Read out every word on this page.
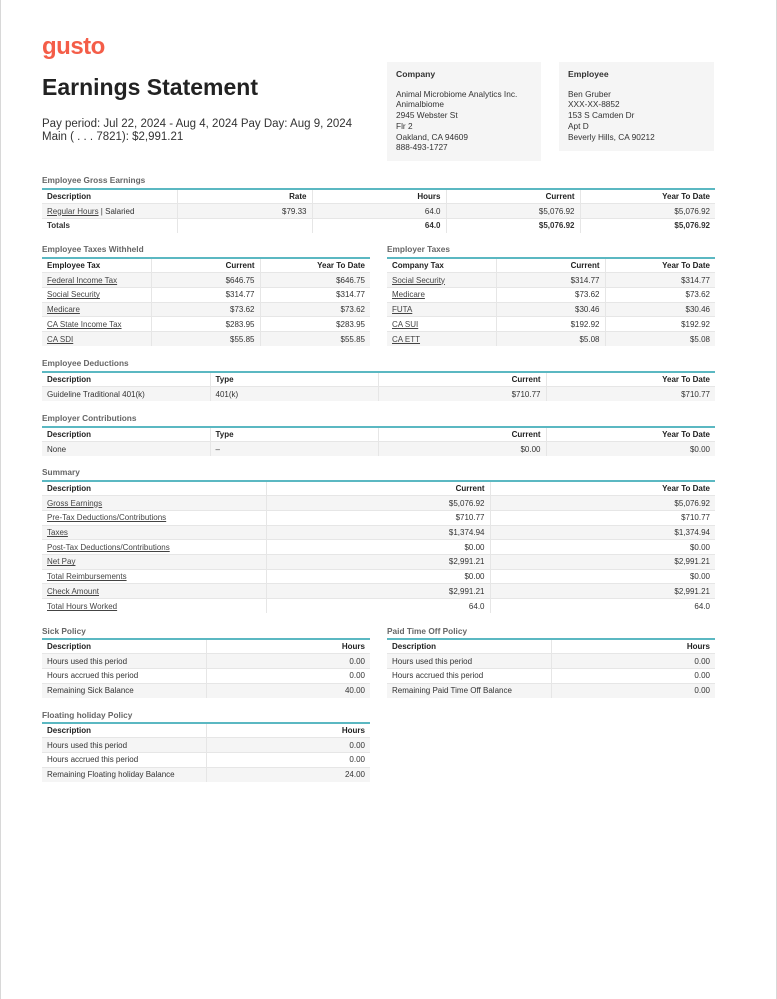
gusto
Earnings Statement
Pay period: Jul 22, 2024 - Aug 4, 2024 Pay Day: Aug 9, 2024
Main ( . . . 7821): $2,991.21
Company
Animal Microbiome Analytics Inc.
Animalbiome
2945 Webster St
Flr 2
Oakland, CA 94609
888-493-1727
Employee
Ben Gruber
XXX-XX-8852
153 S Camden Dr
Apt D
Beverly Hills, CA 90212
Employee Gross Earnings
Description	Rate	Hours	Current	Year To Date
Regular Hours | Salaried	$79.33	64.0	$5,076.92	$5,076.92
Totals		64.0	$5,076.92	$5,076.92
Employee Taxes Withheld
Employee Tax	Current	Year To Date
Federal Income Tax	$646.75	$646.75
Social Security	$314.77	$314.77
Medicare	$73.62	$73.62
CA State Income Tax	$283.95	$283.95
CA SDI	$55.85	$55.85
Employer Taxes
Company Tax	Current	Year To Date
Social Security	$314.77	$314.77
Medicare	$73.62	$73.62
FUTA	$30.46	$30.46
CA SUI	$192.92	$192.92
CA ETT	$5.08	$5.08
Employee Deductions
Description	Type	Current	Year To Date
Guideline Traditional 401(k)	401(k)	$710.77	$710.77
Employer Contributions
Description	Type	Current	Year To Date
None	–	$0.00	$0.00
Summary
Description	Current	Year To Date
Gross Earnings	$5,076.92	$5,076.92
Pre-Tax Deductions/Contributions	$710.77	$710.77
Taxes	$1,374.94	$1,374.94
Post-Tax Deductions/Contributions	$0.00	$0.00
Net Pay	$2,991.21	$2,991.21
Total Reimbursements	$0.00	$0.00
Check Amount	$2,991.21	$2,991.21
Total Hours Worked	64.0	64.0
Sick Policy
Description	Hours
Hours used this period	0.00
Hours accrued this period	0.00
Remaining Sick Balance	40.00
Paid Time Off Policy
Description	Hours
Hours used this period	0.00
Hours accrued this period	0.00
Remaining Paid Time Off Balance	0.00
Floating holiday Policy
Description	Hours
Hours used this period	0.00
Hours accrued this period	0.00
Remaining Floating holiday Balance	24.00
